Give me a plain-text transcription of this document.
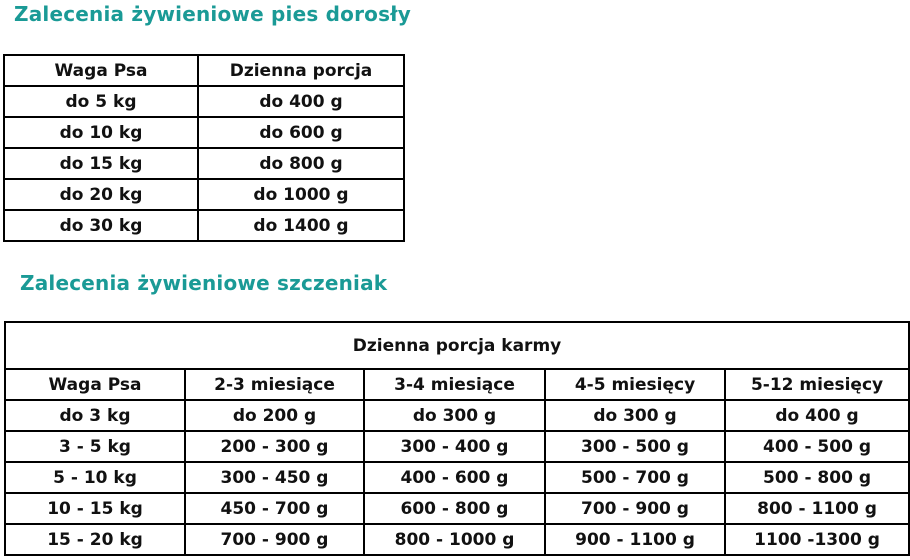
Zalecenia żywieniowe pies dorosły
Waga Psa	Dzienna porcja
do 5 kg	do 400 g
do 10 kg	do 600 g
do 15 kg	do 800 g
do 20 kg	do 1000 g
do 30 kg	do 1400 g
Zalecenia żywieniowe szczeniak
Dzienna porcja karmy				
Waga Psa	2-3 miesiące	3-4 miesiące	4-5 miesięcy	5-12 miesięcy
do 3 kg	do 200 g	do 300 g	do 300 g	do 400 g
3 - 5 kg	200 - 300 g	300 - 400 g	300 - 500 g	400 - 500 g
5 - 10 kg	300 - 450 g	400 - 600 g	500 - 700 g	500 - 800 g
10 - 15 kg	450 - 700 g	600 - 800 g	700 - 900 g	800 - 1100 g
15 - 20 kg	700 - 900 g	800 - 1000 g	900 - 1100 g	1100 -1300 g
